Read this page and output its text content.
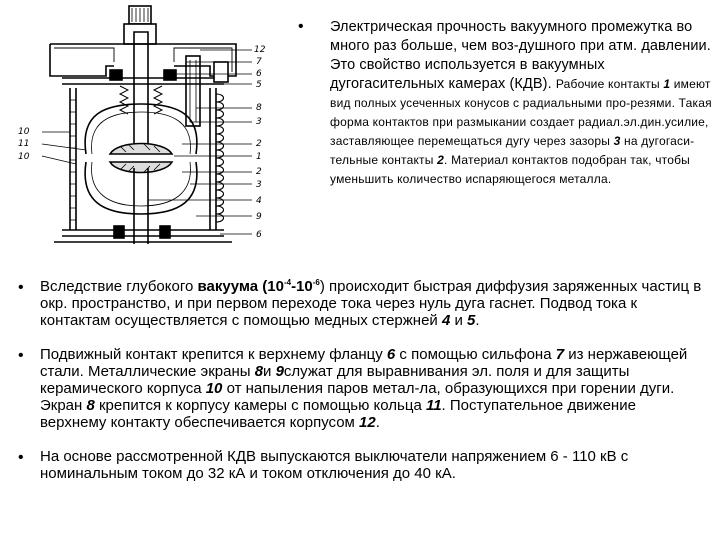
12
7
6
5
8
3
2
1
2
3
4
9
6
10
11
10
• Электрическая прочность вакуумного промежутка во много раз больше, чем воз-душного при атм. давлении. Это свойство используется в вакуумных дугогасительных камерах (КДВ). Рабочие контакты 1 имеют вид полных усеченных конусов с радиальными про-резями. Такая форма контактов при размыкании создает радиал.эл.дин.усилие, заставляющее перемещаться дугу через зазоры 3 на дугогаси-тельные контакты 2. Материал контактов подобран так, чтобы уменьшить количество испаряющегося металла.
• Вследствие глубокого вакуума $(10^{-4}-10^{-6})$ происходит быстрая диффузия заряженных частиц в окр. пространство, и при первом переходе тока через нуль дуга гаснет. Подвод тока к контактам осуществляется с помощью медных стержней 4 и 5.
• Подвижный контакт крепится к верхнему фланцу 6 с помощью сильфона 7 из нержавеющей стали. Металлические экраны 8и 9служат для выравнивания эл. поля и для защиты керамического корпуса 10 от напыления паров метал-ла, образующихся при горении дуги. Экран 8 крепится к корпусу камеры с помощью кольца 11. Поступательное движение верхнему контакту обеспечивается корпусом 12.
• На основе рассмотренной КДВ выпускаются выключатели напряжением 6 - 110 кВ с номинальным током до 32 кА и током отключения до 40 кА.
